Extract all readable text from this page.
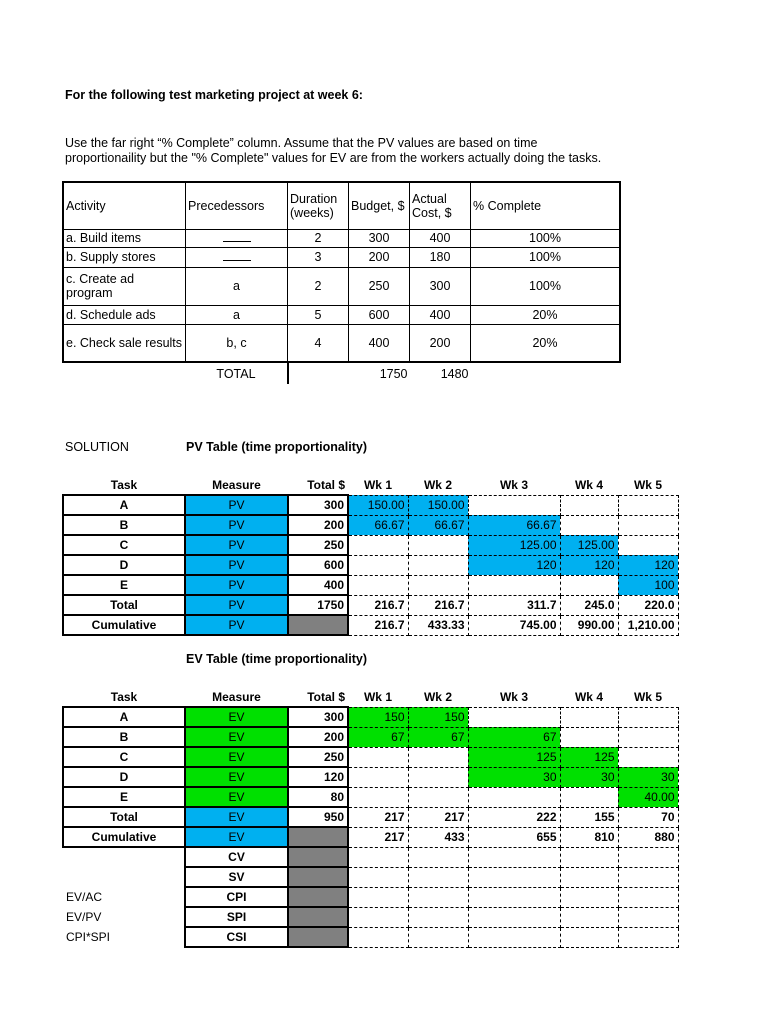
For the following test marketing project at week 6:
Use the far right “% Complete” column. Assume that the PV values are based on time proportionaility but the "% Complete" values for EV are from the workers actually doing the tasks.
Activity	Precedessors	Duration (weeks)	Budget, $	Actual Cost, $	% Complete
a. Build items		2	300	400	100%
b. Supply stores		3	200	180	100%
c. Create ad program	a	2	250	300	100%
d. Schedule ads	a	5	600	400	20%
e. Check sale results	b, c	4	400	200	20%
	TOTAL		1750	1480	
SOLUTION	PV Table (time proportionality)
Task	Measure	Total $	Wk 1	Wk 2	Wk 3	Wk 4	Wk 5
A	PV	300	150.00	150.00			
B	PV	200	66.67	66.67	66.67		
C	PV	250			125.00	125.00	
D	PV	600			120	120	120
E	PV	400					100
Total	PV	1750	216.7	216.7	311.7	245.0	220.0
Cumulative	PV		216.7	433.33	745.00	990.00	1,210.00
EV Table (time proportionality)
Task	Measure	Total $	Wk 1	Wk 2	Wk 3	Wk 4	Wk 5
A	EV	300	150	150			
B	EV	200	67	67	67		
C	EV	250			125	125	
D	EV	120			30	30	30
E	EV	80					40.00
Total	EV	950	217	217	222	155	70
Cumulative	EV		217	433	655	810	880
	CV						
	SV						
EV/AC	CPI						
EV/PV	SPI						
CPI*SPI	CSI						
